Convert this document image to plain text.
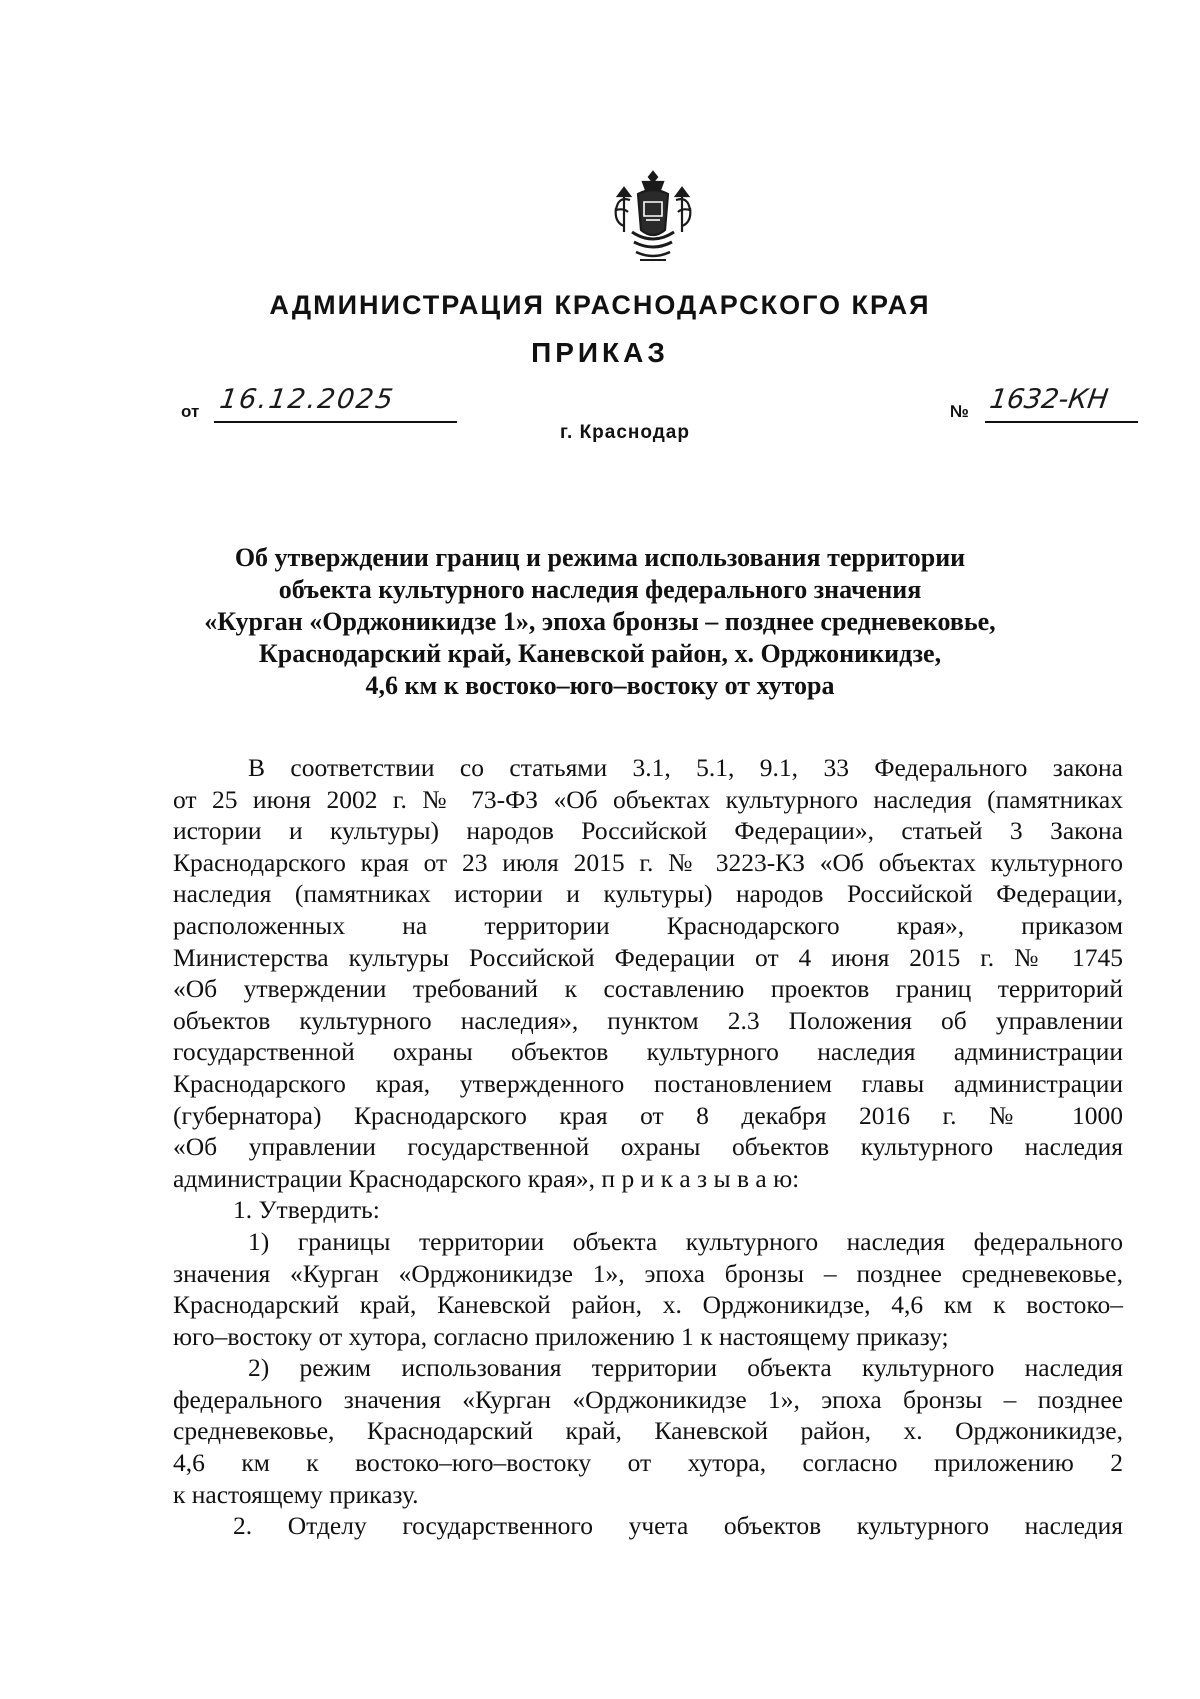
АДМИНИСТРАЦИЯ КРАСНОДАРСКОГО КРАЯ
ПРИКАЗ
от 16.12.2025
г. Краснодар
№ 1632-КН
Об утверждении границ и режима использования территории
объекта культурного наследия федерального значения
«Курган «Орджоникидзе 1», эпоха бронзы – позднее средневековье,
Краснодарский край, Каневской район, х. Орджоникидзе,
4,6 км к востоко–юго–востоку от хутора
В соответствии со статьями 3.1, 5.1, 9.1, 33 Федерального закона
от 25 июня 2002 г. № 73-ФЗ «Об объектах культурного наследия (памятниках
истории и культуры) народов Российской Федерации», статьей 3 Закона
Краснодарского края от 23 июля 2015 г. № 3223-КЗ «Об объектах культурного
наследия (памятниках истории и культуры) народов Российской Федерации,
расположенных на территории Краснодарского края», приказом
Министерства культуры Российской Федерации от 4 июня 2015 г. № 1745
«Об утверждении требований к составлению проектов границ территорий
объектов культурного наследия», пунктом 2.3 Положения об управлении
государственной охраны объектов культурного наследия администрации
Краснодарского края, утвержденного постановлением главы администрации
(губернатора) Краснодарского края от 8 декабря 2016 г. № 1000
«Об управлении государственной охраны объектов культурного наследия
администрации Краснодарского края», п р и к а з ы в а ю:
1. Утвердить:
1) границы территории объекта культурного наследия федерального
значения «Курган «Орджоникидзе 1», эпоха бронзы – позднее средневековье,
Краснодарский край, Каневской район, х. Орджоникидзе, 4,6 км к востоко–
юго–востоку от хутора, согласно приложению 1 к настоящему приказу;
2) режим использования территории объекта культурного наследия
федерального значения «Курган «Орджоникидзе 1», эпоха бронзы – позднее
средневековье, Краснодарский край, Каневской район, х. Орджоникидзе,
4,6 км к востоко–юго–востоку от хутора, согласно приложению 2
к настоящему приказу.
2. Отделу государственного учета объектов культурного наследия
